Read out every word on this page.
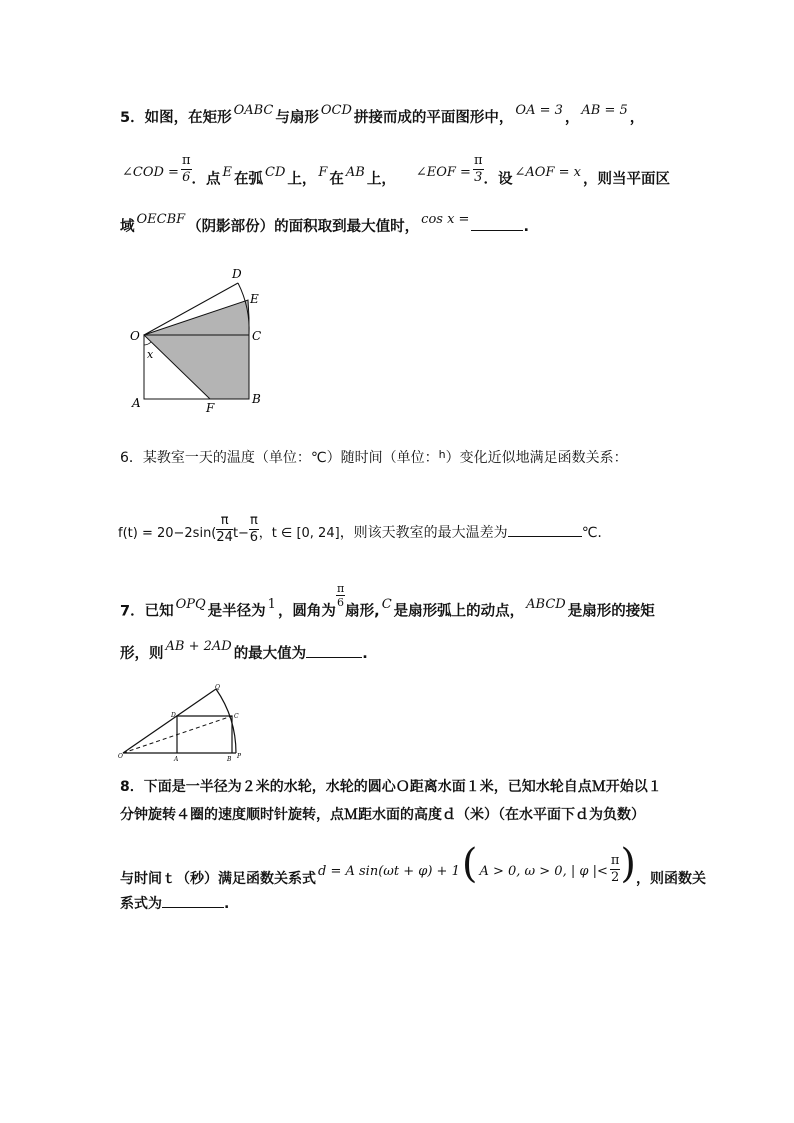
5．如图，在矩形 OABC 与扇形 OCD 拼接而成的平面图形中， OA = 3 ， AB = 5 ，
∠COD = $\frac{\pi}{6}$ ．点 E 在弧 CD 上， F 在 AB 上， ∠EOF = $\frac{\pi}{3}$ ．设 ∠AOF = x ，则当平面区
域 OECBF （阴影部份）的面积取到最大值时， cos x =	.
D
E
O	C
x
A	F
B
6．某教室一天的温度（单位：℃）随时间（单位：$^h$）变化近似地满足函数关系：
$f(t) = 20-2\sin( \frac{\pi}{24} t- \frac{\pi}{6}$ ，t ∈ [0, 24]，则该天教室的最大温差为	℃.
7．已知 OPQ 是半径为 1 ，圆角为
$\frac{\pi}{6}$
扇形, C 是扇形弧上的动点， ABCD 是扇形的接矩
形，则 AB + 2AD 的最大值为	.
Q
D	C
O	A	B P
8．下面是一半径为２米的水轮，水轮的圆心Ｏ距离水面１米，已知水轮自点Ｍ开始以１
分钟旋转４圈的速度顺时针旋转，点Ｍ距水面的高度ｄ（米）（在水平面下ｄ为负数）
与时间ｔ（秒）满足函数关系式 d = A sin(ωt + φ) + 1( A > 0, ω > 0, | φ |< $\frac{\pi}{2}$ )，则函数关
系式为	.
